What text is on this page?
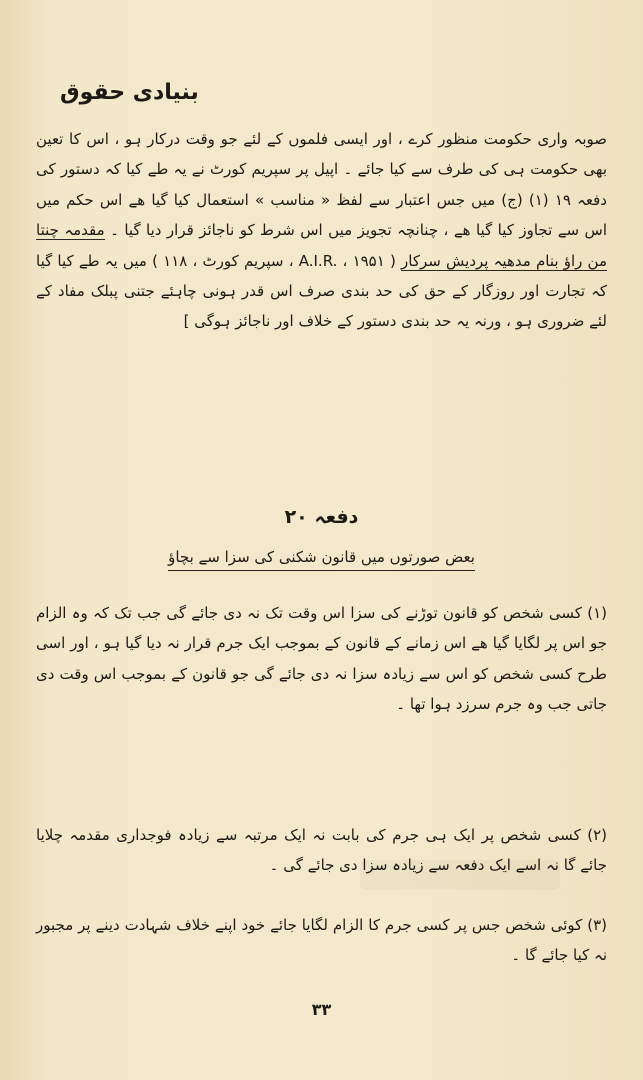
بنیادی حقوق
صوبہ واری حکومت منظور کرے ، اور ایسی فلموں کے لئے جو وقت درکار ہو ، اس کا تعین بھی حکومت ہی کی طرف سے کیا جائے ۔ اپیل پر سپریم کورٹ نے یہ طے کیا کہ دستور کی دفعہ ۱۹ (۱) (ج) میں جس اعتبار سے لفظ « مناسب » استعمال کیا گیا ھے اس حکم میں اس سے تجاوز کیا گیا ھے ، چنانچہ تجویز میں اس شرط کو ناجائز قرار دیا گیا ۔ مقدمہ چنتا من راؤ بنام مدھیہ پردیش سرکار ( A.I.R. ، ۱۹۵۱ ، سپریم کورٹ ، ۱۱۸ ) میں یہ طے کیا گیا کہ تجارت اور روزگار کے حق کی حد بندی صرف اس قدر ہونی چاہئے جتنی پبلک مفاد کے لئے ضروری ہو ، ورنہ یہ حد بندی دستور کے خلاف اور ناجائز ہوگی ]
دفعہ ۲۰
بعض صورتوں میں قانون شکنی کی سزا سے بچاؤ
(۱) کسی شخص کو قانون توڑنے کی سزا اس وقت تک نہ دی جائے گی جب تک کہ وہ الزام جو اس پر لگایا گیا ھے اس زمانے کے قانون کے بموجب ایک جرم قرار نہ دیا گیا ہو ، اور اسی طرح کسی شخص کو اس سے زیادہ سزا نہ دی جائے گی جو قانون کے بموجب اس وقت دی جاتی جب وہ جرم سرزد ہوا تھا ۔
(۲) کسی شخص پر ایک ہی جرم کی بابت نہ ایک مرتبہ سے زیادہ فوجداری مقدمہ چلایا جائے گا نہ اسے ایک دفعہ سے زیادہ سزا دی جائے گی ۔
(۳) کوئی شخص جس پر کسی جرم کا الزام لگایا جائے خود اپنے خلاف شہادت دینے پر مجبور نہ کیا جائے گا ۔
۳۳
